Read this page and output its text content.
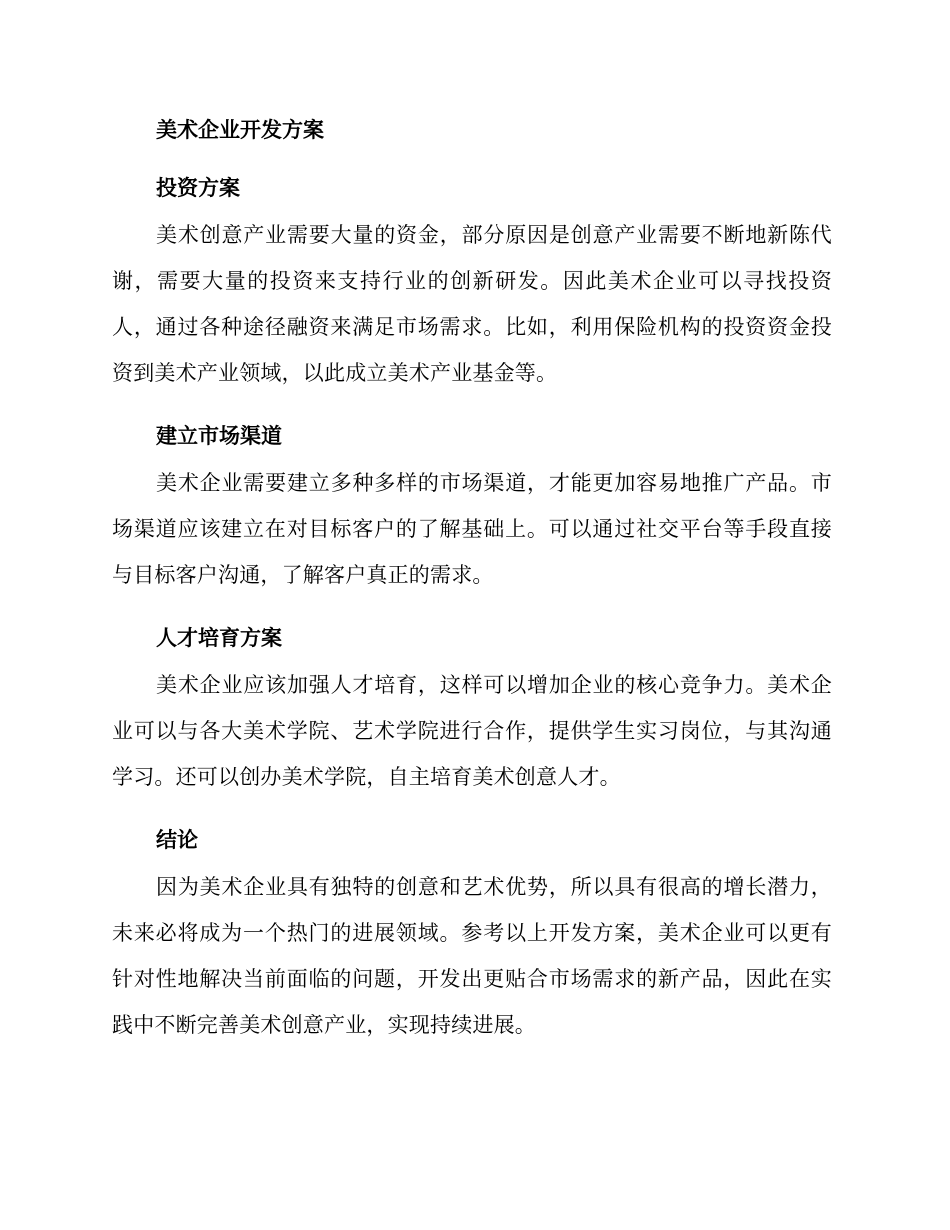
美术企业开发方案
投资方案

美术创意产业需要大量的资金，部分原因是创意产业需要不断地新陈代谢，需要大量的投资来支持行业的创新研发。因此美术企业可以寻找投资人，通过各种途径融资来满足市场需求。比如，利用保险机构的投资资金投资到美术产业领域，以此成立美术产业基金等。

建立市场渠道

美术企业需要建立多种多样的市场渠道，才能更加容易地推广产品。市场渠道应该建立在对目标客户的了解基础上。可以通过社交平台等手段直接与目标客户沟通，了解客户真正的需求。

人才培育方案

美术企业应该加强人才培育，这样可以增加企业的核心竞争力。美术企业可以与各大美术学院、艺术学院进行合作，提供学生实习岗位，与其沟通学习。还可以创办美术学院，自主培育美术创意人才。

结论

因为美术企业具有独特的创意和艺术优势，所以具有很高的增长潜力，未来必将成为一个热门的进展领域。参考以上开发方案，美术企业可以更有针对性地解决当前面临的问题，开发出更贴合市场需求的新产品，因此在实践中不断完善美术创意产业，实现持续进展。
